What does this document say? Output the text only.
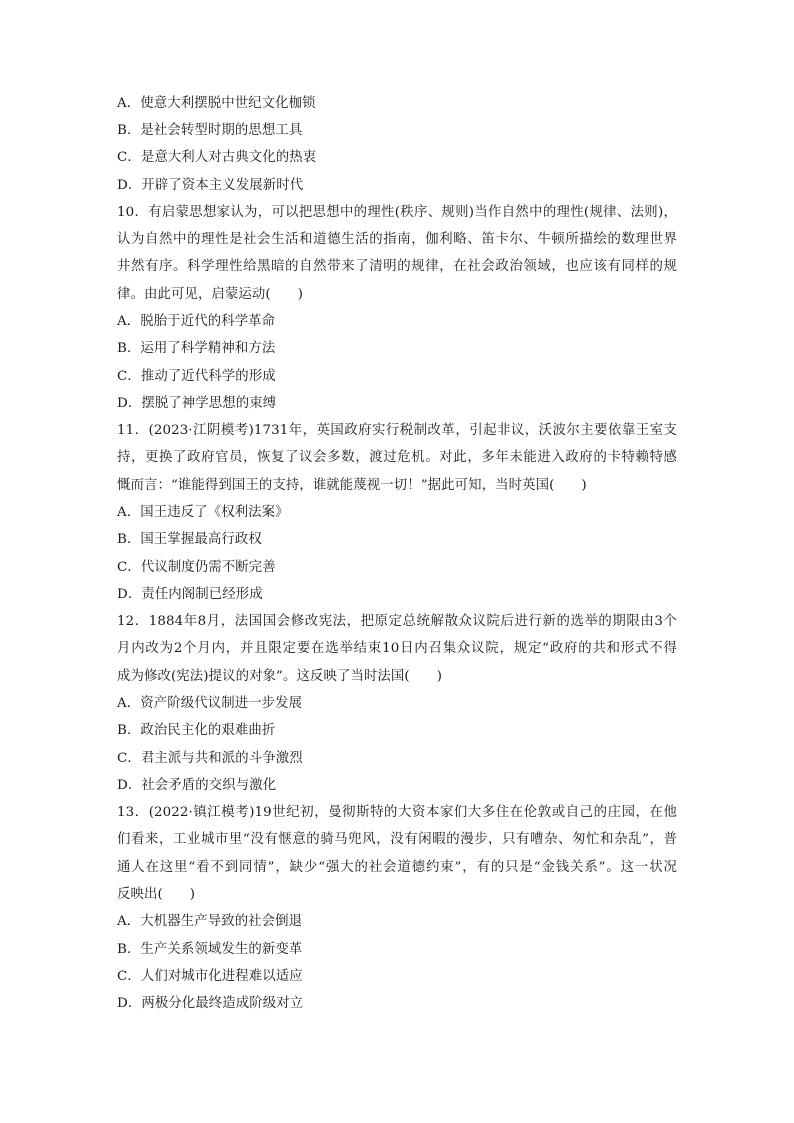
A．使意大利摆脱中世纪文化枷锁
B．是社会转型时期的思想工具
C．是意大利人对古典文化的热衷
D．开辟了资本主义发展新时代
10．有启蒙思想家认为，可以把思想中的理性(秩序、规则)当作自然中的理性(规律、法则)，
认为自然中的理性是社会生活和道德生活的指南，伽利略、笛卡尔、牛顿所描绘的数理世界
井然有序。科学理性给黑暗的自然带来了清明的规律，在社会政治领域，也应该有同样的规
律。由此可见，启蒙运动(　　)
A．脱胎于近代的科学革命
B．运用了科学精神和方法
C．推动了近代科学的形成
D．摆脱了神学思想的束缚
11．(2023·江阴模考)1731年，英国政府实行税制改革，引起非议，沃波尔主要依靠王室支
持，更换了政府官员，恢复了议会多数，渡过危机。对此，多年未能进入政府的卡特赖特感
慨而言：“谁能得到国王的支持，谁就能蔑视一切！”据此可知，当时英国(　　)
A．国王违反了《权利法案》
B．国王掌握最高行政权
C．代议制度仍需不断完善
D．责任内阁制已经形成
12．1884年8月，法国国会修改宪法，把原定总统解散众议院后进行新的选举的期限由3个
月内改为2个月内，并且限定要在选举结束10日内召集众议院，规定“政府的共和形式不得
成为修改(宪法)提议的对象”。这反映了当时法国(　　)
A．资产阶级代议制进一步发展
B．政治民主化的艰难曲折
C．君主派与共和派的斗争激烈
D．社会矛盾的交织与激化
13．(2022·镇江模考)19世纪初，曼彻斯特的大资本家们大多住在伦敦或自己的庄园，在他
们看来，工业城市里“没有惬意的骑马兜风，没有闲暇的漫步，只有嘈杂、匆忙和杂乱”，普
通人在这里“看不到同情”，缺少“强大的社会道德约束”，有的只是“金钱关系”。这一状况
反映出(　　)
A．大机器生产导致的社会倒退
B．生产关系领域发生的新变革
C．人们对城市化进程难以适应
D．两极分化最终造成阶级对立
